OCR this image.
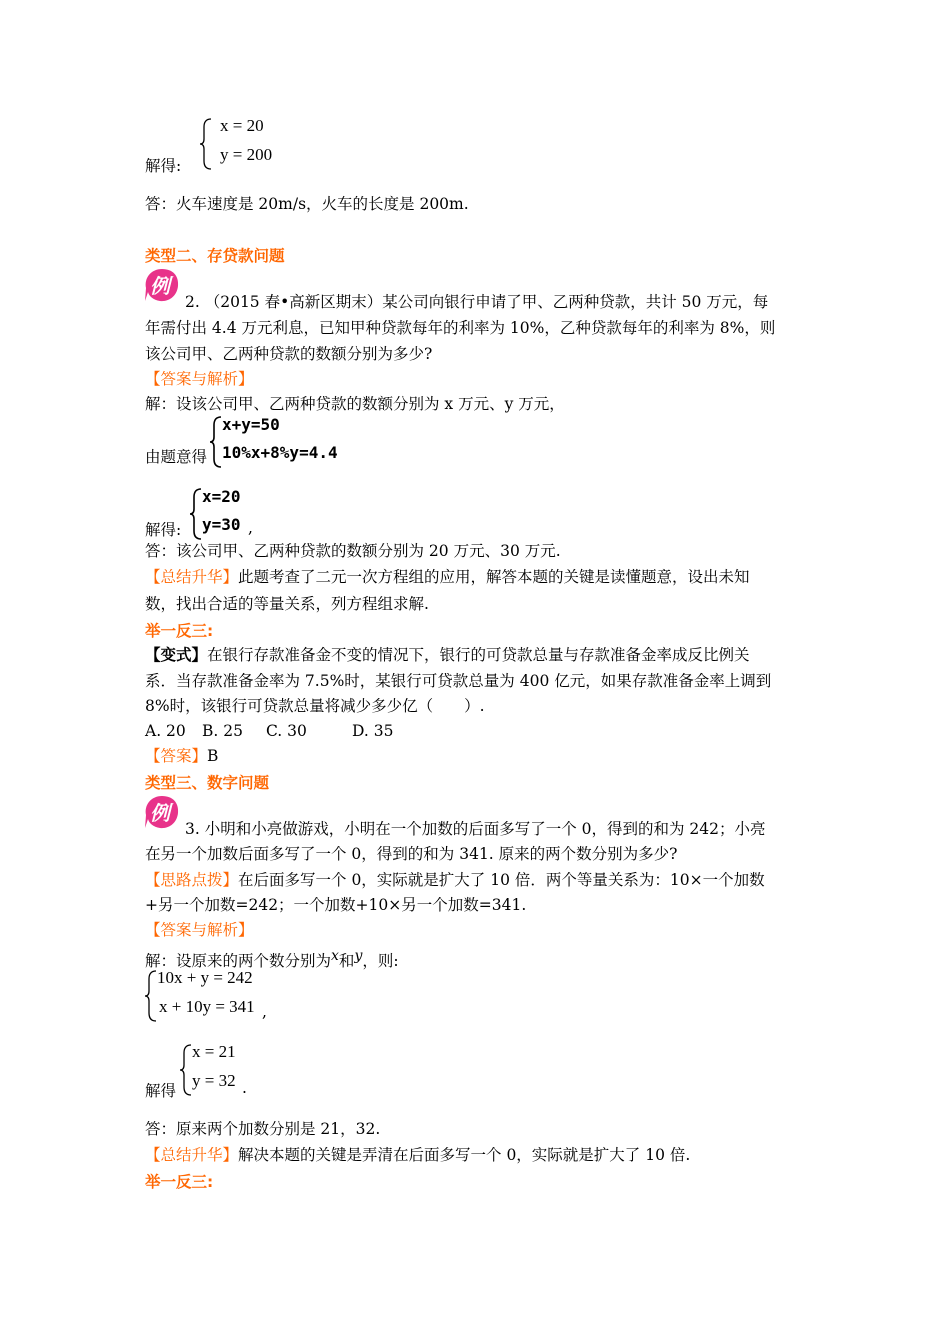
x = 20
y = 200
解得:
答：火车速度是 20m/s，火车的长度是 200m.
类型二、存贷款问题
例
2. （2015 春•高新区期末）某公司向银行申请了甲、乙两种贷款，共计 50 万元，每
年需付出 4.4 万元利息，已知甲种贷款每年的利率为 10%，乙种贷款每年的利率为 8%，则
该公司甲、乙两种贷款的数额分别为多少?
【答案与解析】
解：设该公司甲、乙两种贷款的数额分别为 x 万元、y 万元，
由题意得
x+y=50
10%x+8%y=4.4
解得:
x=20
y=30 ,
答：该公司甲、乙两种贷款的数额分别为 20 万元、30 万元.
【总结升华】此题考查了二元一次方程组的应用，解答本题的关键是读懂题意，设出未知
数，找出合适的等量关系，列方程组求解.
举一反三:
【变式】在银行存款准备金不变的情况下，银行的可贷款总量与存款准备金率成反比例关
系．当存款准备金率为 7.5%时，某银行可贷款总量为 400 亿元，如果存款准备金率上调到
8%时，该银行可贷款总量将减少多少亿（　　）.
A. 20 B. 25 C. 30	D. 35
【答案】B
类型三、数字问题
例
3. 小明和小亮做游戏，小明在一个加数的后面多写了一个 0，得到的和为 242；小亮
在另一个加数后面多写了一个 0，得到的和为 341. 原来的两个数分别为多少?
【思路点拨】在后面多写一个 0，实际就是扩大了 10 倍．两个等量关系为：10×一个加数
+另一个加数=242；一个加数+10×另一个加数=341.
【答案与解析】
解：设原来的两个数分别为$^x$和$^y$，则:
10x + y = 242
x + 10y = 341 ,
解得
x = 21
y = 32 .
答：原来两个加数分别是 21，32.
【总结升华】解决本题的关键是弄清在后面多写一个 0，实际就是扩大了 10 倍.
举一反三:
